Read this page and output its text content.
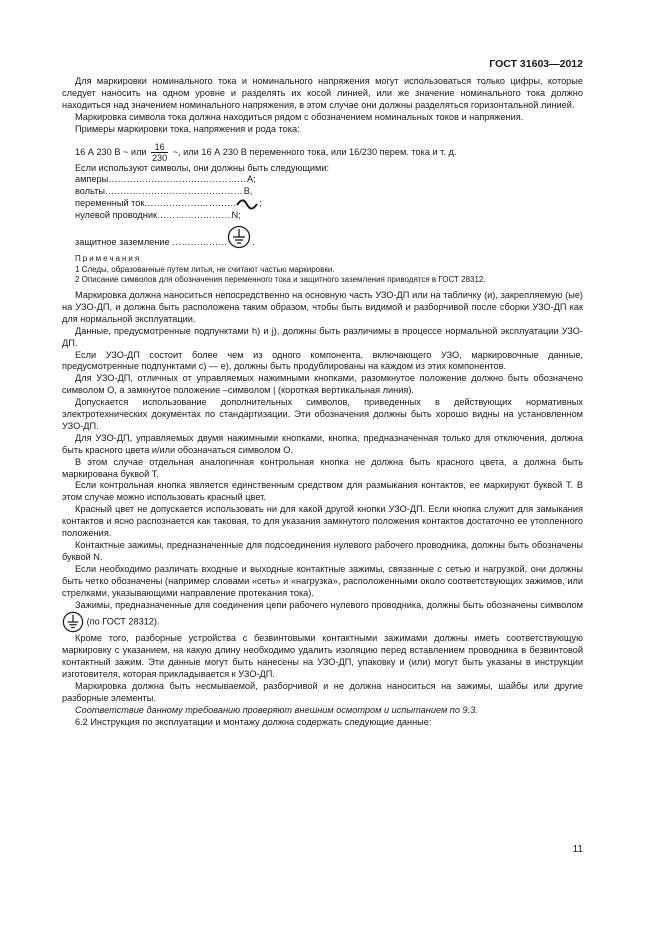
ГОСТ 31603—2012

Для маркировки номинального тока и номинального напряжения могут использоваться только цифры, которые следует наносить на одном уровне и разделять их косой линией, или же значение номинального тока должно находиться над значением номинального напряжения, в этом случае они должны разделяться горизонтальной линией.

Маркировка символа тока должна находиться рядом с обозначением номинальных токов и напряжения.

Примеры маркировки тока, напряжения и рода тока:

16 А 230 В ~ или $\frac{16}{230}$ ~, или 16 А 230 В переменного тока, или 16/230 перем. тока и т. д.

Если используют символы, они должны быть следующими:

амперы……………………………………… А;
вольты……………………………………… В,
переменный ток…………………………	;
нулевой проводник…………………… N;
защитное заземление ………………	.
Примечания
1 Следы, образованные путем литья, не считают частью маркировки.
2 Описание символов для обозначения переменного тока и защитного заземления приводятся в ГОСТ 28312.

Маркировка должна наноситься непосредственно на основную часть УЗО-ДП или на табличку (и), закрепляемую (ые) на УЗО-ДП, и должна быть расположена таким образом, чтобы быть видимой и разборчивой после сборки УЗО-ДП как для нормальной эксплуатации.

Данные, предусмотренные подпунктами h) и j), должны быть различимы в процессе нормальной эксплуатации УЗО-ДП.

Если УЗО-ДП состоит более чем из одного компонента, включающего УЗО, маркировочные данные, предусмотренные подпунктами с) — е), должны быть продублированы на каждом из этих компонентов.

Для УЗО-ДП, отличных от управляемых нажимными кнопками, разомкнутое положение должно быть обозначено символом О, а замкнутое положение –символом | (короткая вертикальная линия).

Допускается использование дополнительных символов, приведенных в действующих нормативных электротехнических документах по стандартизации. Эти обозначения должны быть хорошо видны на установленном УЗО-ДП.

Для УЗО-ДП, управляемых двумя нажимными кнопками, кнопка, предназначенная только для отключения, должна быть красного цвета и/или обозначаться символом О.

В этом случае отдельная аналогичная контрольная кнопка не должна быть красного цвета, а должна быть маркирована буквой Т.

Если контрольная кнопка является единственным средством для размыкания контактов, ее маркируют буквой Т. В этом случае можно использовать красный цвет.

Красный цвет не допускается использовать ни для какой другой кнопки УЗО-ДП. Если кнопка служит для замыкания контактов и ясно распознается как таковая, то для указания замкнутого положения контактов достаточно ее утопленного положения.

Контактные зажимы, предназначенные для подсоединения нулевого рабочего проводника, должны быть обозначены буквой N.

Если необходимо различать входные и выходные контактные зажимы, связанные с сетью и нагрузкой, они должны быть четко обозначены (например словами «сеть» и «нагрузка», расположенными около соответствующих зажимов, или стрелками, указывающими направление протекания тока).

Зажимы, предназначенные для соединения цепи рабочего нулевого проводника, должны быть обозначены символом  (по ГОСТ 28312).

Кроме того, разборные устройства с безвинтовыми контактными зажимами должны иметь соответствующую маркировку с указанием, на какую длину необходимо удалить изоляцию перед вставлением проводника в безвинтовой контактный зажим. Эти данные могут быть нанесены на УЗО-ДП, упаковку и (или) могут быть указаны в инструкции изготовителя, которая прикладывается к УЗО-ДП.

Маркировка должна быть несмываемой, разборчивой и не должна наноситься на зажимы, шайбы или другие разборные элементы.

Соответствие данному требованию проверяют внешним осмотром и испытанием по 9.3.

6.2 Инструкция по эксплуатации и монтажу должна содержать следующие данные:

11
